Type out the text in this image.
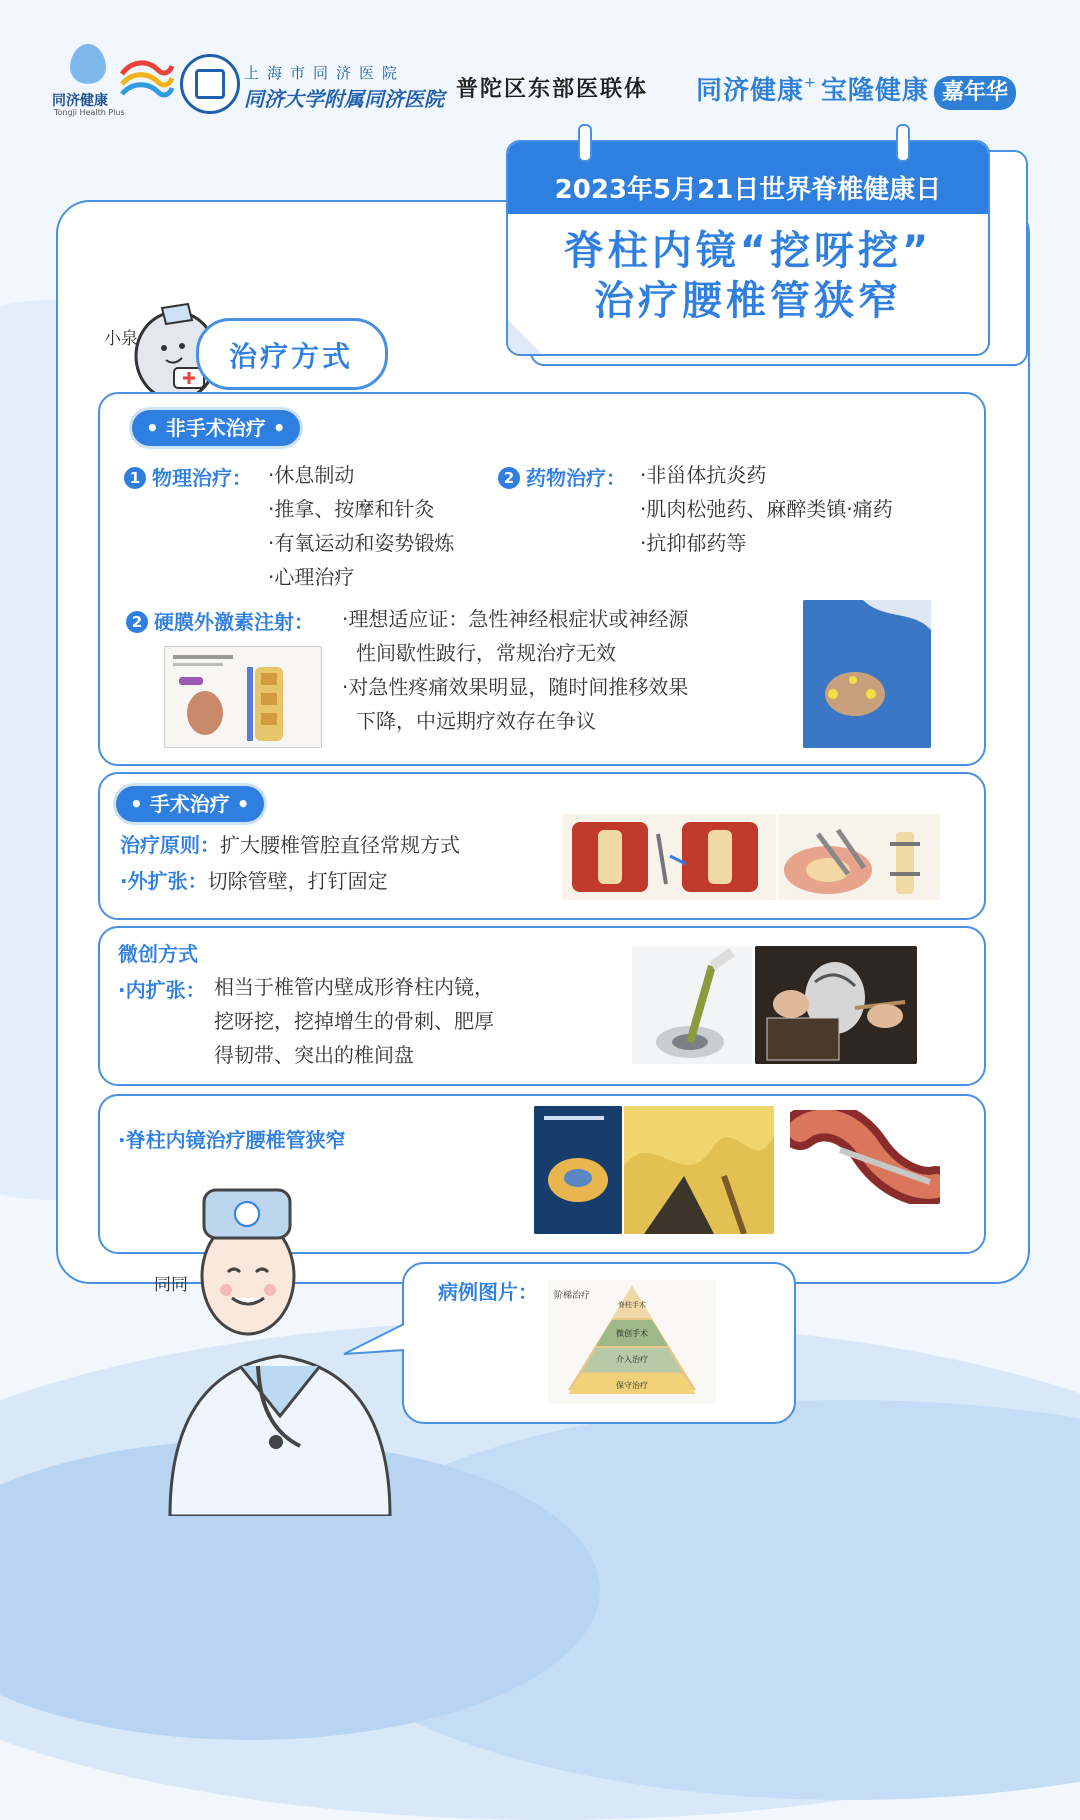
同济健康
Tongji Health Plus
上海市同济医院
同济大学附属同济医院 普陀区东部医联体 同济健康+ 宝隆健康 嘉年华
2023年5月21日世界脊椎健康日
脊柱内镜“挖呀挖”
治疗腰椎管狭窄
小泉
治疗方式
• 非手术治疗 •
1 物理治疗： ·休息制动
·推拿、按摩和针灸
·有氧运动和姿势锻炼
·心理治疗
2 药物治疗： ·非甾体抗炎药
·肌肉松弛药、麻醉类镇·痛药
·抗抑郁药等
2 硬膜外激素注射： ·理想适应证：急性神经根症状或神经源
性间歇性跛行，常规治疗无效
·对急性疼痛效果明显，随时间推移效果
下降，中远期疗效存在争议
• 手术治疗 •
治疗原则：扩大腰椎管腔直径常规方式
·外扩张：切除管壁，打钉固定
微创方式
·内扩张： 相当于椎管内壁成形脊柱内镜，
挖呀挖，挖掉增生的骨刺、肥厚
得韧带、突出的椎间盘
·脊柱内镜治疗腰椎管狭窄
同同	病例图片： 阶梯治疗
脊柱手术
微创手术
介入治疗
保守治疗
